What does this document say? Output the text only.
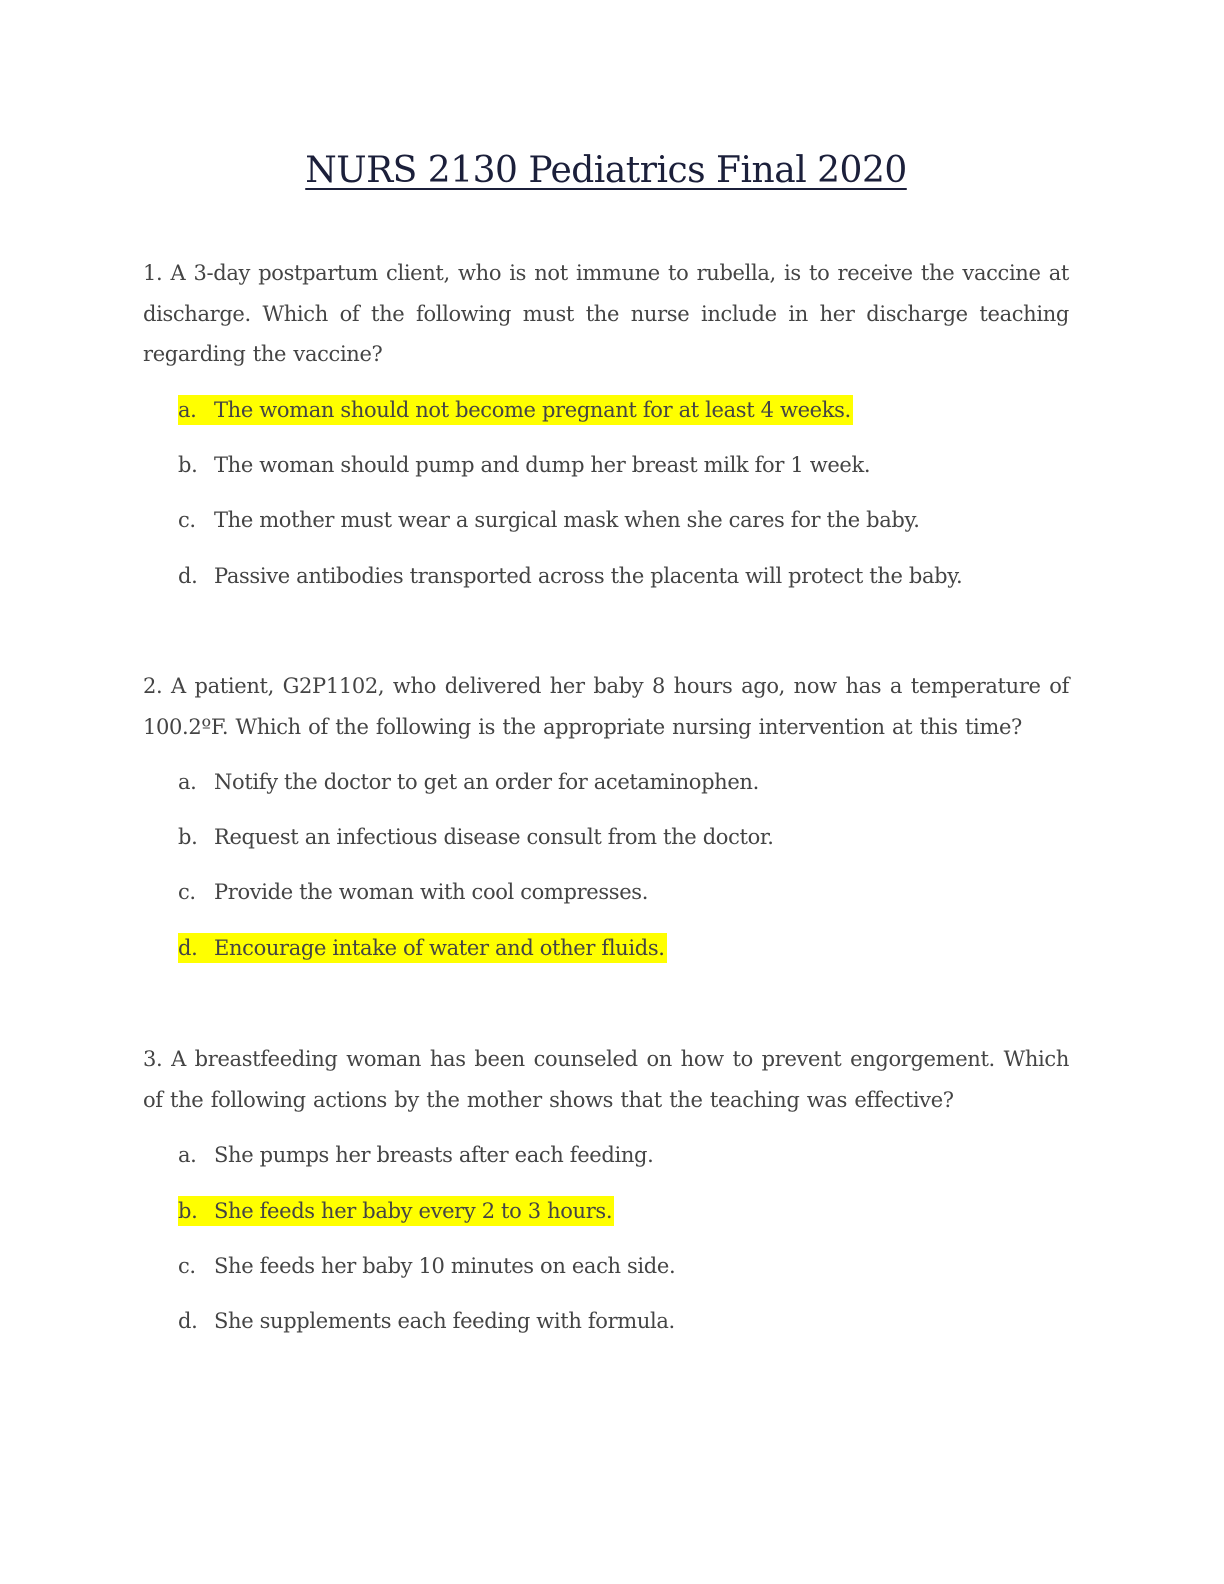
NURS 2130 Pediatrics Final 2020

1. A 3-day postpartum client, who is not immune to rubella, is to receive the vaccine at discharge. Which of the following must the nurse include in her discharge teaching regarding the vaccine?

a. The woman should not become pregnant for at least 4 weeks.
b. The woman should pump and dump her breast milk for 1 week.
c. The mother must wear a surgical mask when she cares for the baby.
d. Passive antibodies transported across the placenta will protect the baby.

2. A patient, G2P1102, who delivered her baby 8 hours ago, now has a temperature of 100.2ºF. Which of the following is the appropriate nursing intervention at this time?

a. Notify the doctor to get an order for acetaminophen.
b. Request an infectious disease consult from the doctor.
c. Provide the woman with cool compresses.
d. Encourage intake of water and other fluids.

3. A breastfeeding woman has been counseled on how to prevent engorgement. Which of the following actions by the mother shows that the teaching was effective?

a. She pumps her breasts after each feeding.
b. She feeds her baby every 2 to 3 hours.
c. She feeds her baby 10 minutes on each side.
d. She supplements each feeding with formula.
